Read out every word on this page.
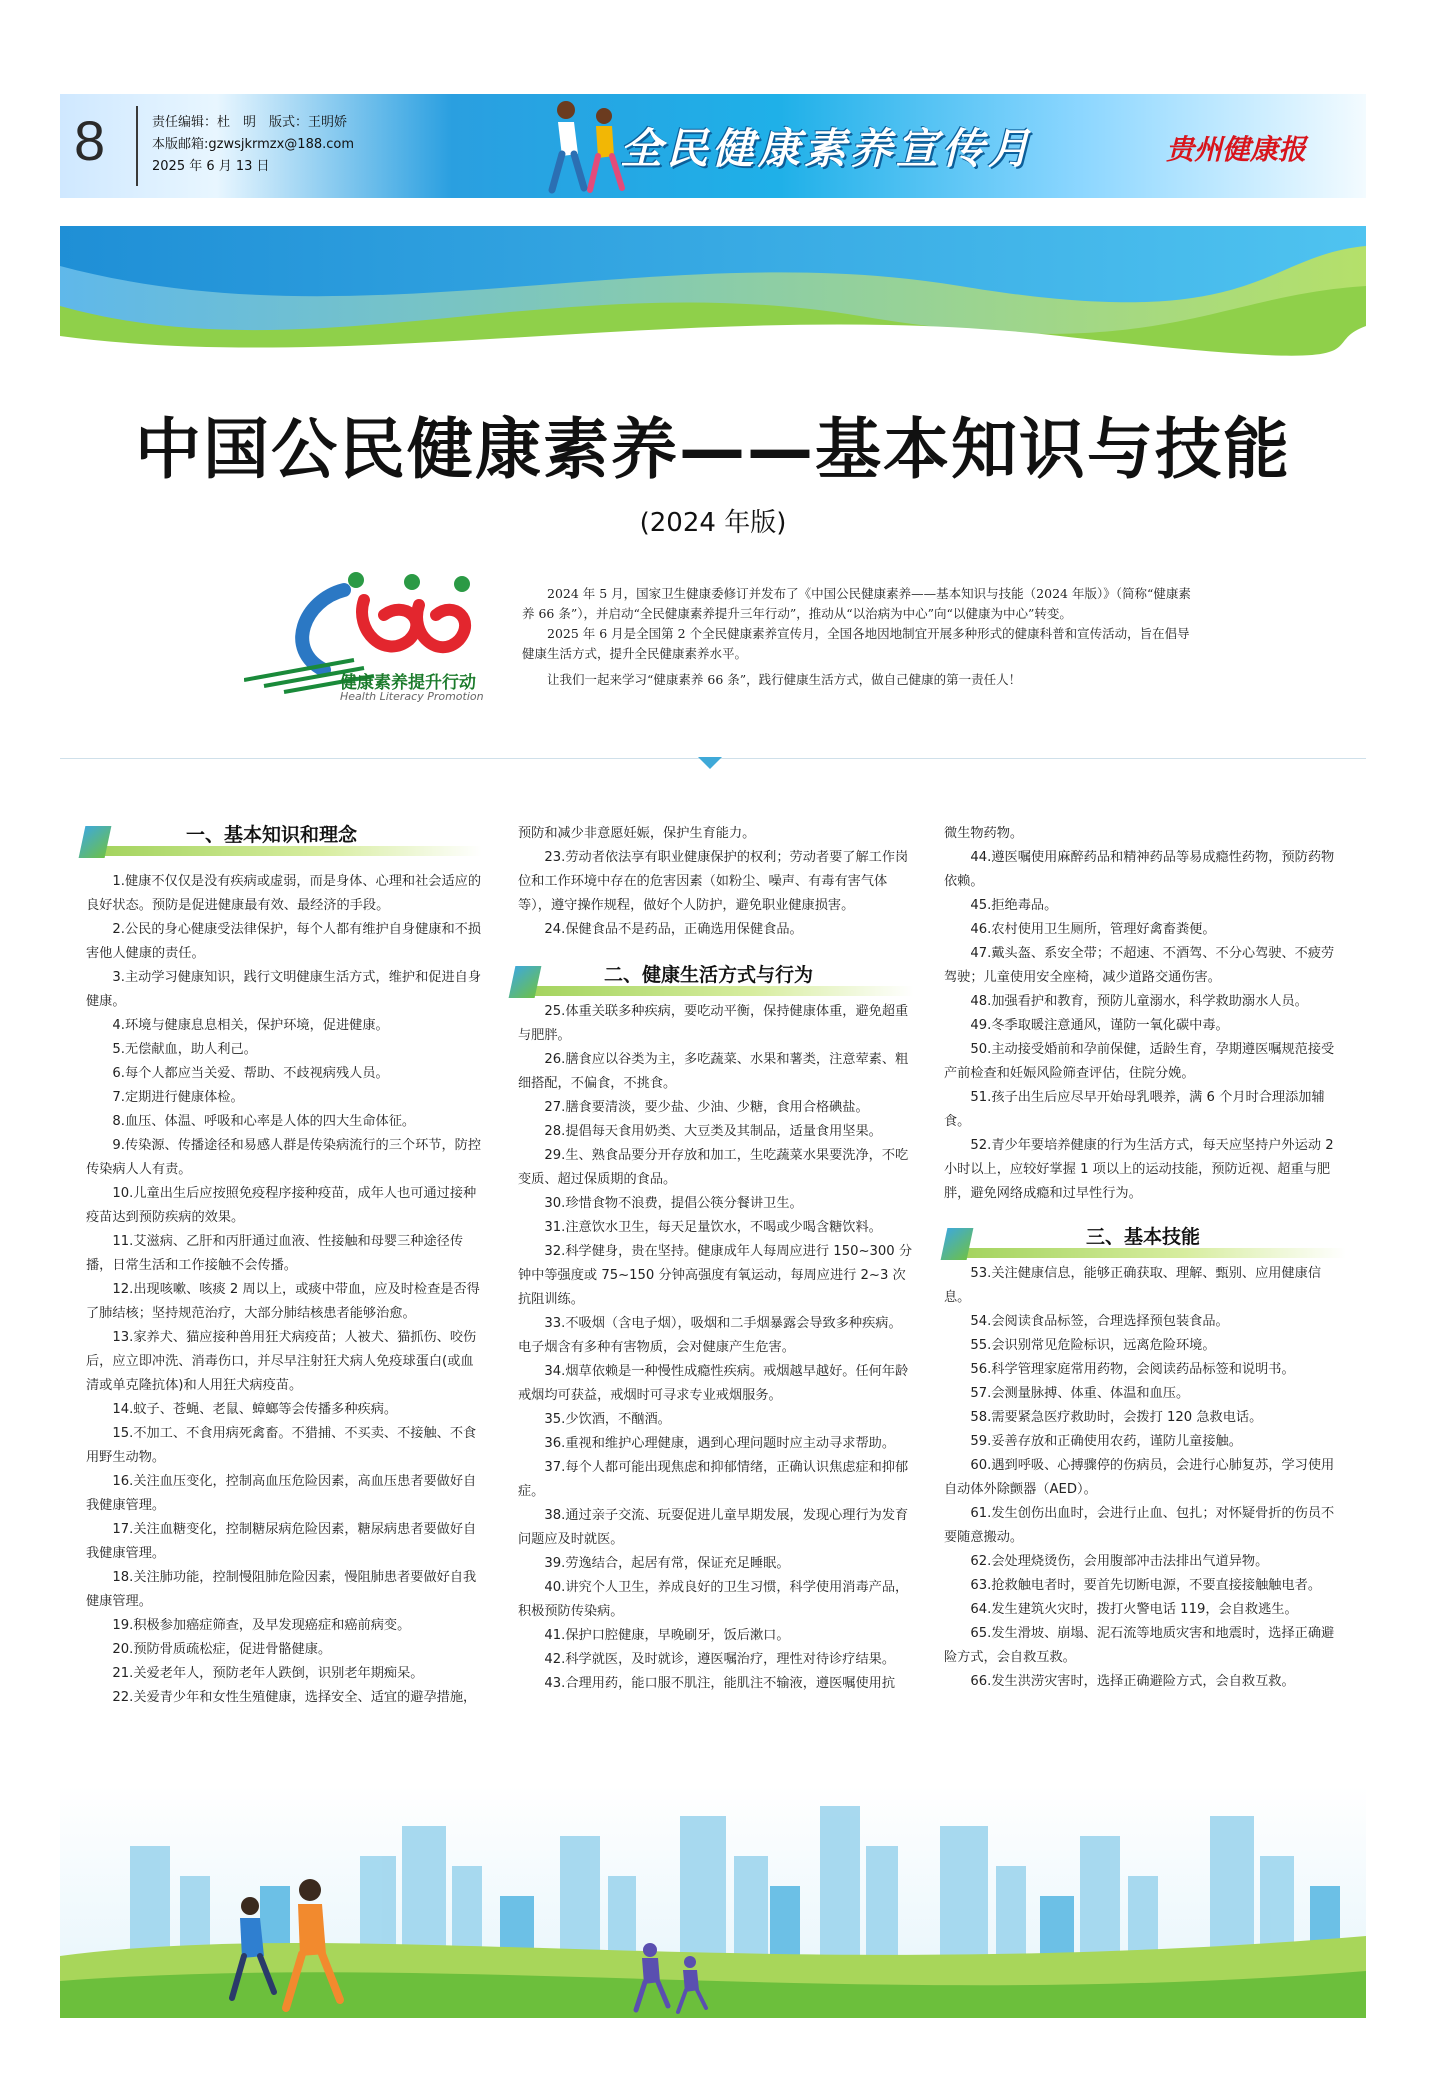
8	责任编辑：杜　明　版式：王明娇
本版邮箱:gzwsjkrmzx@188.com
2025 年 6 月 13 日	全民健康素养宣传月	贵州健康报
中国公民健康素养——基本知识与技能
(2024 年版)
健康素养提升行动
Health Literacy Promotion

2024 年 5 月，国家卫生健康委修订并发布了《中国公民健康素养——基本知识与技能（2024 年版）》（简称“健康素养 66 条”），并启动“全民健康素养提升三年行动”，推动从“以治病为中心”向“以健康为中心”转变。

2025 年 6 月是全国第 2 个全民健康素养宣传月，全国各地因地制宜开展多种形式的健康科普和宣传活动，旨在倡导健康生活方式，提升全民健康素养水平。

让我们一起来学习“健康素养 66 条”，践行健康生活方式，做自己健康的第一责任人！

一、基本知识和理念
二、健康生活方式与行为
三、基本技能

1.健康不仅仅是没有疾病或虚弱，而是身体、心理和社会适应的良好状态。预防是促进健康最有效、最经济的手段。

2.公民的身心健康受法律保护，每个人都有维护自身健康和不损害他人健康的责任。

3.主动学习健康知识，践行文明健康生活方式，维护和促进自身健康。

4.环境与健康息息相关，保护环境，促进健康。

5.无偿献血，助人利己。

6.每个人都应当关爱、帮助、不歧视病残人员。

7.定期进行健康体检。

8.血压、体温、呼吸和心率是人体的四大生命体征。

9.传染源、传播途径和易感人群是传染病流行的三个环节，防控传染病人人有责。

10.儿童出生后应按照免疫程序接种疫苗，成年人也可通过接种疫苗达到预防疾病的效果。

11.艾滋病、乙肝和丙肝通过血液、性接触和母婴三种途径传播，日常生活和工作接触不会传播。

12.出现咳嗽、咳痰 2 周以上，或痰中带血，应及时检查是否得了肺结核；坚持规范治疗，大部分肺结核患者能够治愈。

13.家养犬、猫应接种兽用狂犬病疫苗；人被犬、猫抓伤、咬伤后，应立即冲洗、消毒伤口，并尽早注射狂犬病人免疫球蛋白(或血清或单克隆抗体)和人用狂犬病疫苗。

14.蚊子、苍蝇、老鼠、蟑螂等会传播多种疾病。

15.不加工、不食用病死禽畜。不猎捕、不买卖、不接触、不食用野生动物。

16.关注血压变化，控制高血压危险因素，高血压患者要做好自我健康管理。

17.关注血糖变化，控制糖尿病危险因素，糖尿病患者要做好自我健康管理。

18.关注肺功能，控制慢阻肺危险因素，慢阻肺患者要做好自我健康管理。

19.积极参加癌症筛查，及早发现癌症和癌前病变。

20.预防骨质疏松症，促进骨骼健康。

21.关爱老年人，预防老年人跌倒，识别老年期痴呆。

22.关爱青少年和女性生殖健康，选择安全、适宜的避孕措施，

预防和减少非意愿妊娠，保护生育能力。

23.劳动者依法享有职业健康保护的权利；劳动者要了解工作岗位和工作环境中存在的危害因素（如粉尘、噪声、有毒有害气体等），遵守操作规程，做好个人防护，避免职业健康损害。

24.保健食品不是药品，正确选用保健食品。

25.体重关联多种疾病，要吃动平衡，保持健康体重，避免超重与肥胖。

26.膳食应以谷类为主，多吃蔬菜、水果和薯类，注意荤素、粗细搭配，不偏食，不挑食。

27.膳食要清淡，要少盐、少油、少糖，食用合格碘盐。

28.提倡每天食用奶类、大豆类及其制品，适量食用坚果。

29.生、熟食品要分开存放和加工，生吃蔬菜水果要洗净，不吃变质、超过保质期的食品。

30.珍惜食物不浪费，提倡公筷分餐讲卫生。

31.注意饮水卫生，每天足量饮水，不喝或少喝含糖饮料。

32.科学健身，贵在坚持。健康成年人每周应进行 150~300 分钟中等强度或 75~150 分钟高强度有氧运动，每周应进行 2~3 次抗阻训练。

33.不吸烟（含电子烟），吸烟和二手烟暴露会导致多种疾病。电子烟含有多种有害物质，会对健康产生危害。

34.烟草依赖是一种慢性成瘾性疾病。戒烟越早越好。任何年龄戒烟均可获益，戒烟时可寻求专业戒烟服务。

35.少饮酒，不酗酒。

36.重视和维护心理健康，遇到心理问题时应主动寻求帮助。

37.每个人都可能出现焦虑和抑郁情绪，正确认识焦虑症和抑郁症。

38.通过亲子交流、玩耍促进儿童早期发展，发现心理行为发育问题应及时就医。

39.劳逸结合，起居有常，保证充足睡眠。

40.讲究个人卫生，养成良好的卫生习惯，科学使用消毒产品，积极预防传染病。

41.保护口腔健康，早晚刷牙，饭后漱口。

42.科学就医，及时就诊，遵医嘱治疗，理性对待诊疗结果。

43.合理用药，能口服不肌注，能肌注不输液，遵医嘱使用抗

微生物药物。

44.遵医嘱使用麻醉药品和精神药品等易成瘾性药物，预防药物依赖。

45.拒绝毒品。

46.农村使用卫生厕所，管理好禽畜粪便。

47.戴头盔、系安全带；不超速、不酒驾、不分心驾驶、不疲劳驾驶；儿童使用安全座椅，减少道路交通伤害。

48.加强看护和教育，预防儿童溺水，科学救助溺水人员。

49.冬季取暖注意通风，谨防一氧化碳中毒。

50.主动接受婚前和孕前保健，适龄生育，孕期遵医嘱规范接受产前检查和妊娠风险筛查评估，住院分娩。

51.孩子出生后应尽早开始母乳喂养，满 6 个月时合理添加辅食。

52.青少年要培养健康的行为生活方式，每天应坚持户外运动 2 小时以上，应较好掌握 1 项以上的运动技能，预防近视、超重与肥胖，避免网络成瘾和过早性行为。

53.关注健康信息，能够正确获取、理解、甄别、应用健康信息。

54.会阅读食品标签，合理选择预包装食品。

55.会识别常见危险标识，远离危险环境。

56.科学管理家庭常用药物，会阅读药品标签和说明书。

57.会测量脉搏、体重、体温和血压。

58.需要紧急医疗救助时，会拨打 120 急救电话。

59.妥善存放和正确使用农药，谨防儿童接触。

60.遇到呼吸、心搏骤停的伤病员，会进行心肺复苏，学习使用自动体外除颤器（AED）。

61.发生创伤出血时，会进行止血、包扎；对怀疑骨折的伤员不要随意搬动。

62.会处理烧烫伤，会用腹部冲击法排出气道异物。

63.抢救触电者时，要首先切断电源，不要直接接触触电者。

64.发生建筑火灾时，拨打火警电话 119，会自救逃生。

65.发生滑坡、崩塌、泥石流等地质灾害和地震时，选择正确避险方式，会自救互救。

66.发生洪涝灾害时，选择正确避险方式，会自救互救。
